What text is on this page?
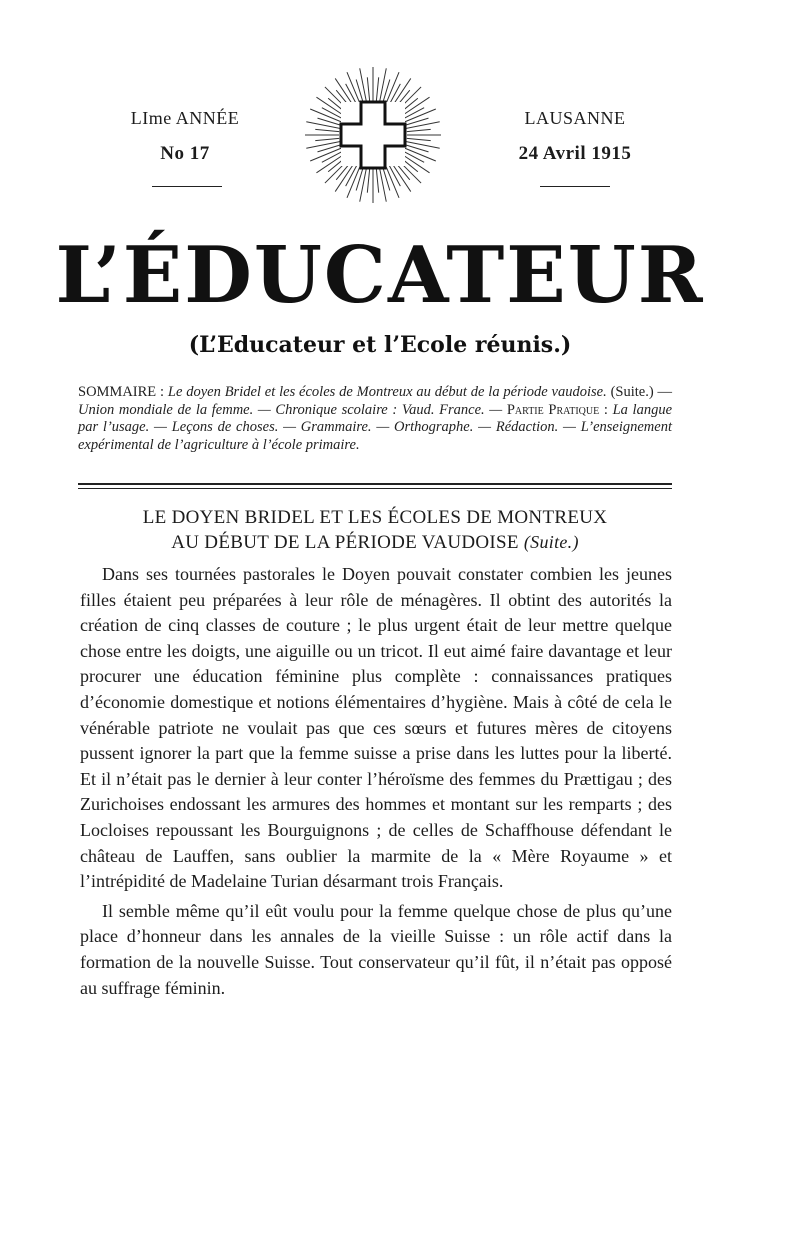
LIme ANNÉE
No 17
LAUSANNE
24 Avril 1915
L’ÉDUCATEUR
(L’Educateur et l’Ecole réunis.)
SOMMAIRE : Le doyen Bridel et les écoles de Montreux au début de la période vaudoise. (Suite.) — Union mondiale de la femme. — Chronique scolaire : Vaud. France. — Partie Pratique : La langue par l’usage. — Leçons de choses. — Grammaire. — Orthographe. — Rédaction. — L’enseignement expérimental de l’agriculture à l’école primaire.
LE DOYEN BRIDEL ET LES ÉCOLES DE MONTREUX
AU DÉBUT DE LA PÉRIODE VAUDOISE (Suite.)

Dans ses tournées pastorales le Doyen pouvait constater combien les jeunes filles étaient peu préparées à leur rôle de ménagères. Il obtint des autorités la création de cinq classes de couture ; le plus urgent était de leur mettre quelque chose entre les doigts, une aiguille ou un tricot. Il eut aimé faire davantage et leur procurer une éducation féminine plus complète : connaissances pratiques d’économie domestique et notions élémentaires d’hygiène. Mais à côté de cela le vénérable patriote ne voulait pas que ces sœurs et futures mères de citoyens pussent ignorer la part que la femme suisse a prise dans les luttes pour la liberté. Et il n’était pas le dernier à leur conter l’héroïsme des femmes du Prættigau ; des Zurichoises endossant les armures des hommes et montant sur les remparts ; des Locloises repoussant les Bourguignons ; de celles de Schaffhouse défendant le château de Lauffen, sans oublier la marmite de la « Mère Royaume » et l’intrépidité de Madelaine Turian désarmant trois Français.

Il semble même qu’il eût voulu pour la femme quelque chose de plus qu’une place d’honneur dans les annales de la vieille Suisse : un rôle actif dans la formation de la nouvelle Suisse. Tout conservateur qu’il fût, il n’était pas opposé au suffrage féminin.
